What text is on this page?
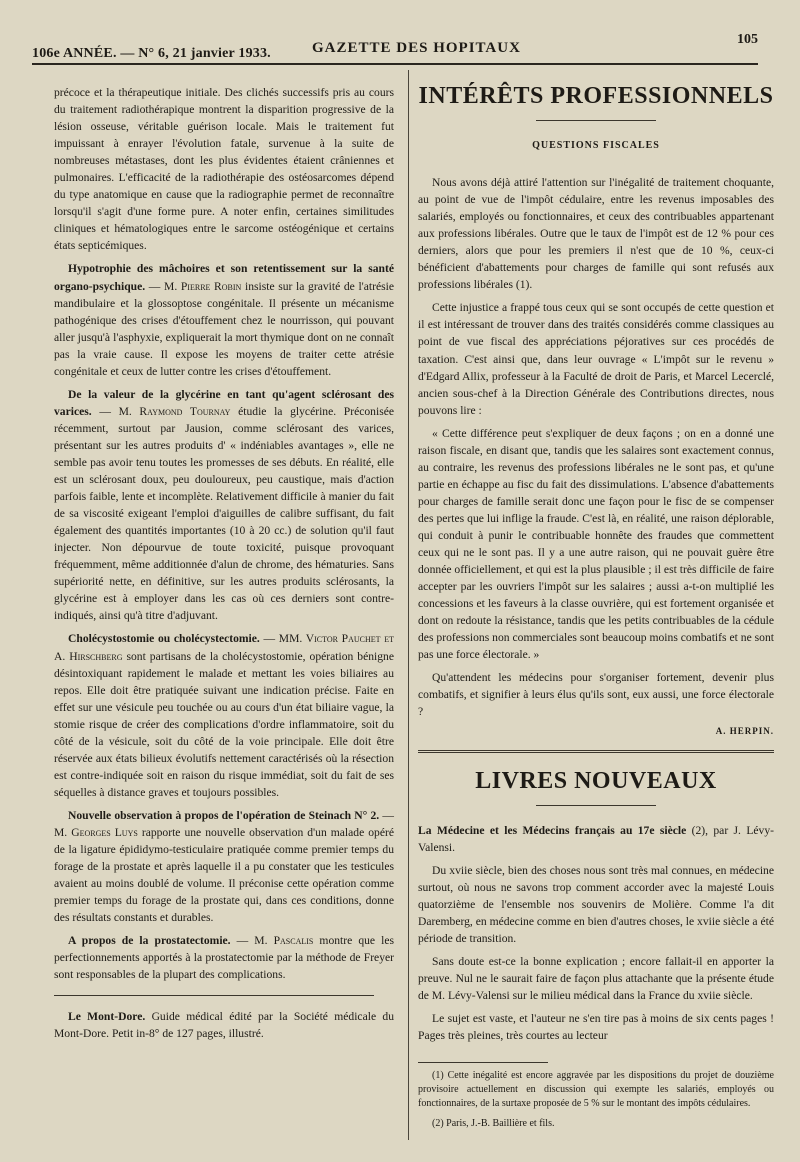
106e ANNÉE. — N° 6, 21 janvier 1933.	GAZETTE DES HOPITAUX
105

précoce et la thérapeutique initiale. Des clichés successifs pris au cours du traitement radiothérapique montrent la disparition progressive de la lésion osseuse, véritable guérison locale. Mais le traitement fut impuissant à enrayer l'évolution fatale, survenue à la suite de nombreuses métastases, dont les plus évidentes étaient crâniennes et pulmonaires. L'efficacité de la radiothérapie des ostéosarcomes dépend du type anatomique en cause que la radiographie permet de reconnaître lorsqu'il s'agit d'une forme pure. A noter enfin, certaines similitudes cliniques et hématologiques entre le sarcome ostéogénique et certains états septicémiques.

Hypotrophie des mâchoires et son retentissement sur la santé organo-psychique. — M. Pierre Robin insiste sur la gravité de l'atrésie mandibulaire et la glossoptose congénitale. Il présente un mécanisme pathogénique des crises d'étouffement chez le nourrisson, qui pouvant aller jusqu'à l'asphyxie, expliquerait la mort thymique dont on ne connaît pas la vraie cause. Il expose les moyens de traiter cette atrésie congénitale et ceux de lutter contre les crises d'étouffement.

De la valeur de la glycérine en tant qu'agent sclérosant des varices. — M. Raymond Tournay étudie la glycérine. Préconisée récemment, surtout par Jausion, comme sclérosant des varices, présentant sur les autres produits d' « indéniables avantages », elle ne semble pas avoir tenu toutes les promesses de ses débuts. En réalité, elle est un sclérosant doux, peu douloureux, peu caustique, mais d'action parfois faible, lente et incomplète. Relativement difficile à manier du fait de sa viscosité exigeant l'emploi d'aiguilles de calibre suffisant, du fait également des quantités importantes (10 à 20 cc.) de solution qu'il faut injecter. Non dépourvue de toute toxicité, puisque provoquant fréquemment, même additionnée d'alun de chrome, des hématuries. Sans supériorité nette, en définitive, sur les autres produits sclérosants, la glycérine est à employer dans les cas où ces derniers sont contre-indiqués, ainsi qu'à titre d'adjuvant.

Cholécystostomie ou cholécystectomie. — MM. Victor Pauchet et A. Hirschberg sont partisans de la cholécystostomie, opération bénigne désintoxiquant rapidement le malade et mettant les voies biliaires au repos. Elle doit être pratiquée suivant une indication précise. Faite en effet sur une vésicule peu touchée ou au cours d'un état biliaire vague, la stomie risque de créer des complications d'ordre inflammatoire, soit du côté de la vésicule, soit du côté de la voie principale. Elle doit être réservée aux états bilieux évolutifs nettement caractérisés où la résection est contre-indiquée soit en raison du risque immédiat, soit du fait de ses séquelles à distance graves et toujours possibles.

Nouvelle observation à propos de l'opération de Steinach N° 2. — M. Georges Luys rapporte une nouvelle observation d'un malade opéré de la ligature épididymo-testiculaire pratiquée comme premier temps du forage de la prostate et après laquelle il a pu constater que les testicules avaient au moins doublé de volume. Il préconise cette opération comme premier temps du forage de la prostate qui, dans ces conditions, donne des résultats constants et durables.

A propos de la prostatectomie. — M. Pascalis montre que les perfectionnements apportés à la prostatectomie par la méthode de Freyer sont responsables de la plupart des complications.

Le Mont-Dore. Guide médical édité par la Société médicale du Mont-Dore. Petit in-8° de 127 pages, illustré.

INTÉRÊTS PROFESSIONNELS
QUESTIONS FISCALES

Nous avons déjà attiré l'attention sur l'inégalité de traitement choquante, au point de vue de l'impôt cédulaire, entre les revenus imposables des salariés, employés ou fonctionnaires, et ceux des contribuables appartenant aux professions libérales. Outre que le taux de l'impôt est de 12 % pour ces derniers, alors que pour les premiers il n'est que de 10 %, ceux-ci bénéficient d'abattements pour charges de famille qui sont refusés aux professions libérales (1).

Cette injustice a frappé tous ceux qui se sont occupés de cette question et il est intéressant de trouver dans des traités considérés comme classiques au point de vue fiscal des appréciations péjoratives sur ces procédés de taxation. C'est ainsi que, dans leur ouvrage « L'impôt sur le revenu » d'Edgard Allix, professeur à la Faculté de droit de Paris, et Marcel Lecerclé, ancien sous-chef à la Direction Générale des Contributions directes, nous pouvons lire :

« Cette différence peut s'expliquer de deux façons ; on en a donné une raison fiscale, en disant que, tandis que les salaires sont exactement connus, au contraire, les revenus des professions libérales ne le sont pas, et qu'une partie en échappe au fisc du fait des dissimulations. L'absence d'abattements pour charges de famille serait donc une façon pour le fisc de se compenser des pertes que lui inflige la fraude. C'est là, en réalité, une raison déplorable, qui conduit à punir le contribuable honnête des fraudes que commettent ceux qui ne le sont pas. Il y a une autre raison, qui ne pouvait guère être donnée officiellement, et qui est la plus plausible ; il est très difficile de faire accepter par les ouvriers l'impôt sur les salaires ; aussi a-t-on multiplié les concessions et les faveurs à la classe ouvrière, qui est fortement organisée et dont on redoute la résistance, tandis que les petits contribuables de la cédule des professions non commerciales sont beaucoup moins combatifs et ne sont pas une force électorale. »

Qu'attendent les médecins pour s'organiser fortement, devenir plus combatifs, et signifier à leurs élus qu'ils sont, eux aussi, une force électorale ?

A. HERPIN.
LIVRES NOUVEAUX

La Médecine et les Médecins français au 17e siècle (2), par J. Lévy-Valensi.

Du xviie siècle, bien des choses nous sont très mal connues, en médecine surtout, où nous ne savons trop comment accorder avec la majesté Louis quatorzième de l'ensemble nos souvenirs de Molière. Comme l'a dit Daremberg, en médecine comme en bien d'autres choses, le xviie siècle a été période de transition.

Sans doute est-ce la bonne explication ; encore fallait-il en apporter la preuve. Nul ne le saurait faire de façon plus attachante que la présente étude de M. Lévy-Valensi sur le milieu médical dans la France du xviie siècle.

Le sujet est vaste, et l'auteur ne s'en tire pas à moins de six cents pages ! Pages très pleines, très courtes au lecteur

(1) Cette inégalité est encore aggravée par les dispositions du projet de douzième provisoire actuellement en discussion qui exempte les salariés, employés ou fonctionnaires, de la surtaxe proposée de 5 % sur le montant des impôts cédulaires.

(2) Paris, J.-B. Baillière et fils.
